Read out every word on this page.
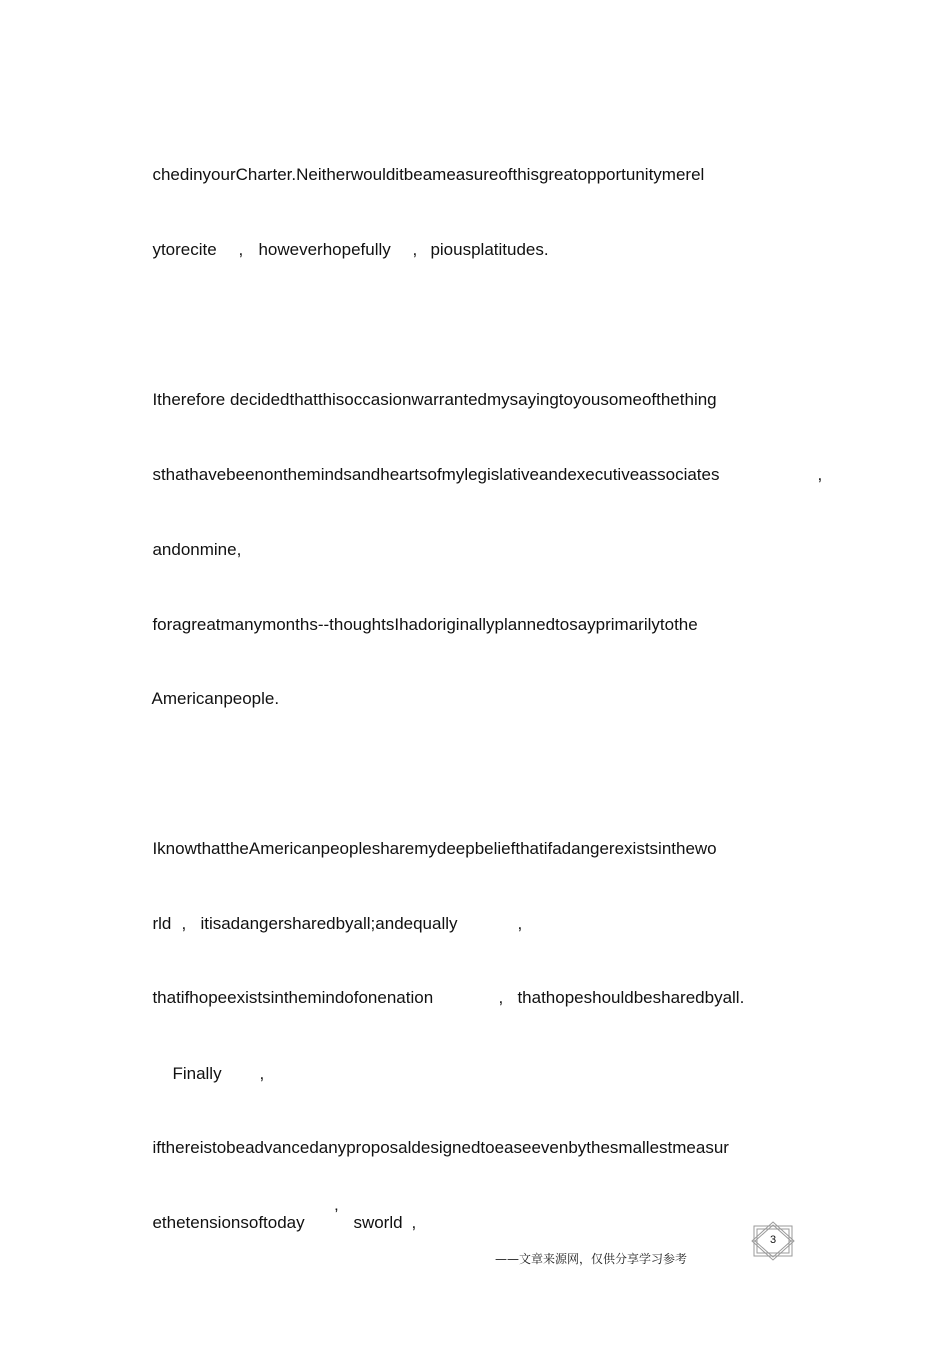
chedinyourCharter.Neitherwoulditbeameasureofthisgreatopportunitymerel

ytorecite	, howeverhopefully	, piousplatitudes.

Itherefore decidedthatthisoccasionwarrantedmysayingtoyousomeofthething

sthathavebeenonthemindsandheartsofmylegislativeandexecutiveassociates	,

andonmine,

foragreatmanymonths--thoughtsIhadoriginallyplannedtosayprimarilytothe

Americanpeople.

IknowthattheAmericanpeoplesharemydeepbeliefthatifadangerexistsinthewo

rld , itisadangersharedbyall;andequally	,

thatifhopeexistsinthemindofonenation	, thathopeshouldbesharedbyall.

Finally	,

ifthereistobeadvancedanyproposaldesignedtoeaseevenbythesmallestmeasur

ethetensionsoftoday	’ sworld ,

——文章来源网，仅供分享学习参考
3
